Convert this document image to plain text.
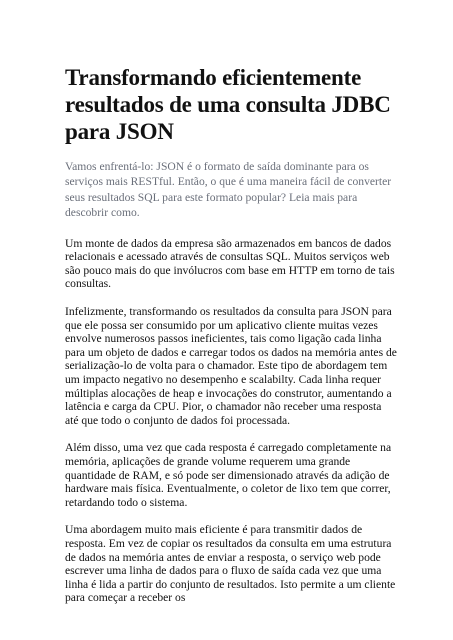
Transformando eficientemente resultados de uma consulta JDBC para JSON

Vamos enfrentá-lo: JSON é o formato de saída dominante para os serviços mais RESTful. Então, o que é uma maneira fácil de converter seus resultados SQL para este formato popular? Leia mais para descobrir como.

Um monte de dados da empresa são armazenados em bancos de dados relacionais e acessado através de consultas SQL. Muitos serviços web são pouco mais do que invólucros com base em HTTP em torno de tais consultas.

Infelizmente, transformando os resultados da consulta para JSON para que ele possa ser consumido por um aplicativo cliente muitas vezes envolve numerosos passos ineficientes, tais como ligação cada linha para um objeto de dados e carregar todos os dados na memória antes de serialização-lo de volta para o chamador. Este tipo de abordagem tem um impacto negativo no desempenho e scalabilty. Cada linha requer múltiplas alocações de heap e invocações do construtor, aumentando a latência e carga da CPU. Pior, o chamador não receber uma resposta até que todo o conjunto de dados foi processada.

Além disso, uma vez que cada resposta é carregado completamente na memória, aplicações de grande volume requerem uma grande quantidade de RAM, e só pode ser dimensionado através da adição de hardware mais física. Eventualmente, o coletor de lixo tem que correr, retardando todo o sistema.

Uma abordagem muito mais eficiente é para transmitir dados de resposta. Em vez de copiar os resultados da consulta em uma estrutura de dados na memória antes de enviar a resposta, o serviço web pode escrever uma linha de dados para o fluxo de saída cada vez que uma linha é lida a partir do conjunto de resultados. Isto permite a um cliente para começar a receber os
